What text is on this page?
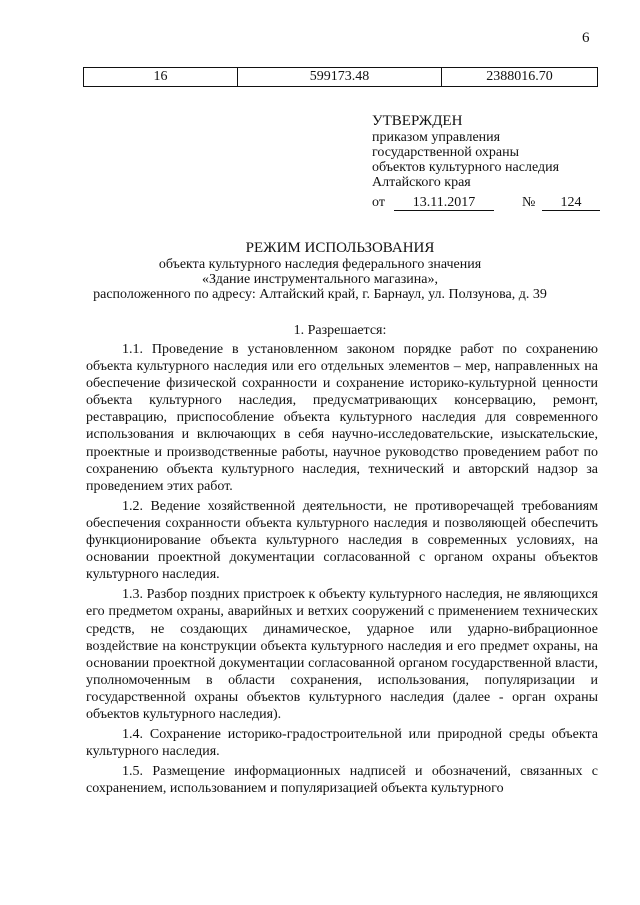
6
16	599173.48	2388016.70
УТВЕРЖДЕН
приказом управления
государственной охраны
объектов культурного наследия
Алтайского края
от	13.11.2017	№	124
РЕЖИМ ИСПОЛЬЗОВАНИЯ
объекта культурного наследия федерального значения
«Здание инструментального магазина»,
расположенного по адресу: Алтайский край, г. Барнаул, ул. Ползунова, д. 39
1. Разрешается:

1.1. Проведение в установленном законом порядке работ по сохранению объекта культурного наследия или его отдельных элементов – мер, направленных на обеспечение физической сохранности и сохранение историко-культурной ценности объекта культурного наследия, предусматривающих консервацию, ремонт, реставрацию, приспособление объекта культурного наследия для современного использования и включающих в себя научно-исследовательские, изыскательские, проектные и производственные работы, научное руководство проведением работ по сохранению объекта культурного наследия, технический и авторский надзор за проведением этих работ.

1.2. Ведение хозяйственной деятельности, не противоречащей требованиям обеспечения сохранности объекта культурного наследия и позволяющей обеспечить функционирование объекта культурного наследия в современных условиях, на основании проектной документации согласованной с органом охраны объектов культурного наследия.

1.3. Разбор поздних пристроек к объекту культурного наследия, не являющихся его предметом охраны, аварийных и ветхих сооружений с применением технических средств, не создающих динамическое, ударное или ударно-вибрационное воздействие на конструкции объекта культурного наследия и его предмет охраны, на основании проектной документации согласованной органом государственной власти, уполномоченным в области сохранения, использования, популяризации и государственной охраны объектов культурного наследия (далее - орган охраны объектов культурного наследия).

1.4. Сохранение историко-градостроительной или природной среды объекта культурного наследия.

1.5. Размещение информационных надписей и обозначений, связанных с сохранением, использованием и популяризацией объекта культурного
